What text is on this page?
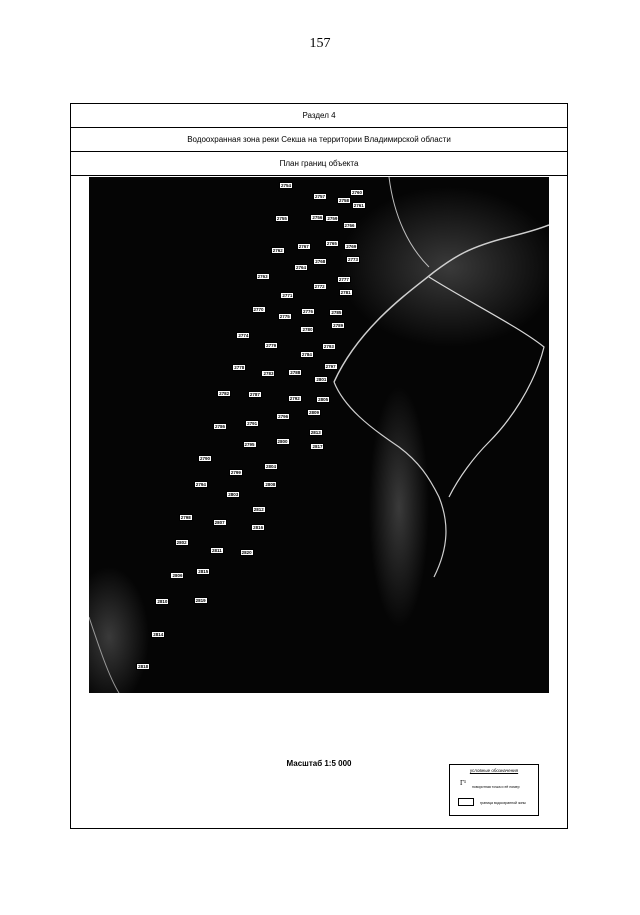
157
Раздел 4
Водоохранная зона реки Секша на территории Владимирской области
План границ объекта
2754
2757
2758
2760
2755	2756	2759
2761
2762
2767	2765
2766
2763
2764
2768
2769
2770
2771
2772
2773
2774
2775
2776
2777
2778
2779
2780
2781
2782
2783
2784
2785
2786
2787
2788
2789
2790
2791
2792
2793
2794
2795
2796
2797
2798
2799
2800
2801
2802
2803
2804
2805
2806
2807
2808
2809
2810
2811
2812
2813
2814
2815
2816
2817
2818
2819
2820
Масштаб 1:5 000
условные обозначения
Г¹ поворотная точка и её номер
граница водоохранной зоны
